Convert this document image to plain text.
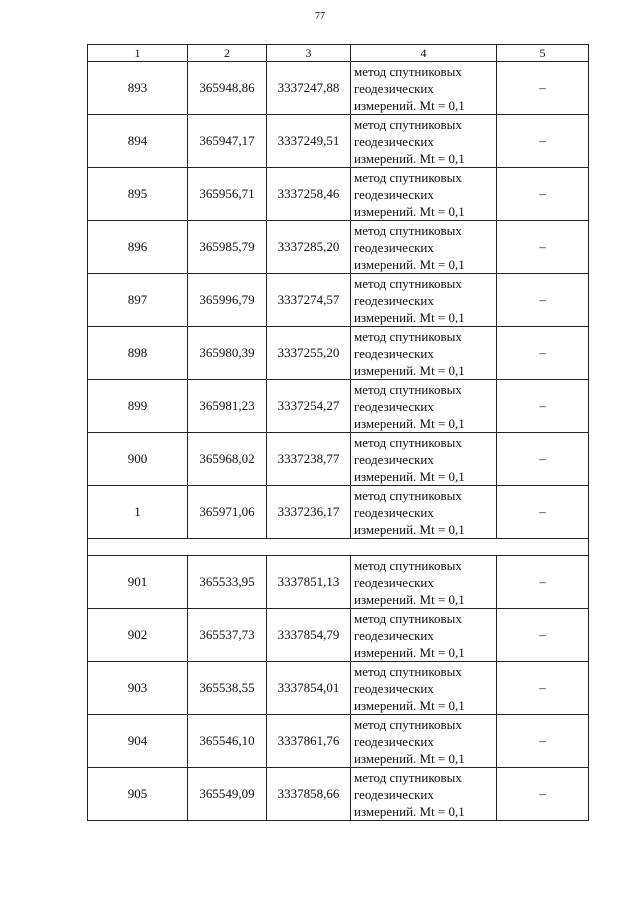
77
1	2	3	4	5
893	365948,86	3337247,88	метод спутниковых
геодезических
измерений. Mt = 0,1	–
894	365947,17	3337249,51	метод спутниковых
геодезических
измерений. Mt = 0,1	–
895	365956,71	3337258,46	метод спутниковых
геодезических
измерений. Mt = 0,1	–
896	365985,79	3337285,20	метод спутниковых
геодезических
измерений. Mt = 0,1	–
897	365996,79	3337274,57	метод спутниковых
геодезических
измерений. Mt = 0,1	–
898	365980,39	3337255,20	метод спутниковых
геодезических
измерений. Mt = 0,1	–
899	365981,23	3337254,27	метод спутниковых
геодезических
измерений. Mt = 0,1	–
900	365968,02	3337238,77	метод спутниковых
геодезических
измерений. Mt = 0,1	–
1	365971,06	3337236,17	метод спутниковых
геодезических
измерений. Mt = 0,1	–

901	365533,95	3337851,13	метод спутниковых
геодезических
измерений. Mt = 0,1	–
902	365537,73	3337854,79	метод спутниковых
геодезических
измерений. Mt = 0,1	–
903	365538,55	3337854,01	метод спутниковых
геодезических
измерений. Mt = 0,1	–
904	365546,10	3337861,76	метод спутниковых
геодезических
измерений. Mt = 0,1	–
905	365549,09	3337858,66	метод спутниковых
геодезических
измерений. Mt = 0,1	–
